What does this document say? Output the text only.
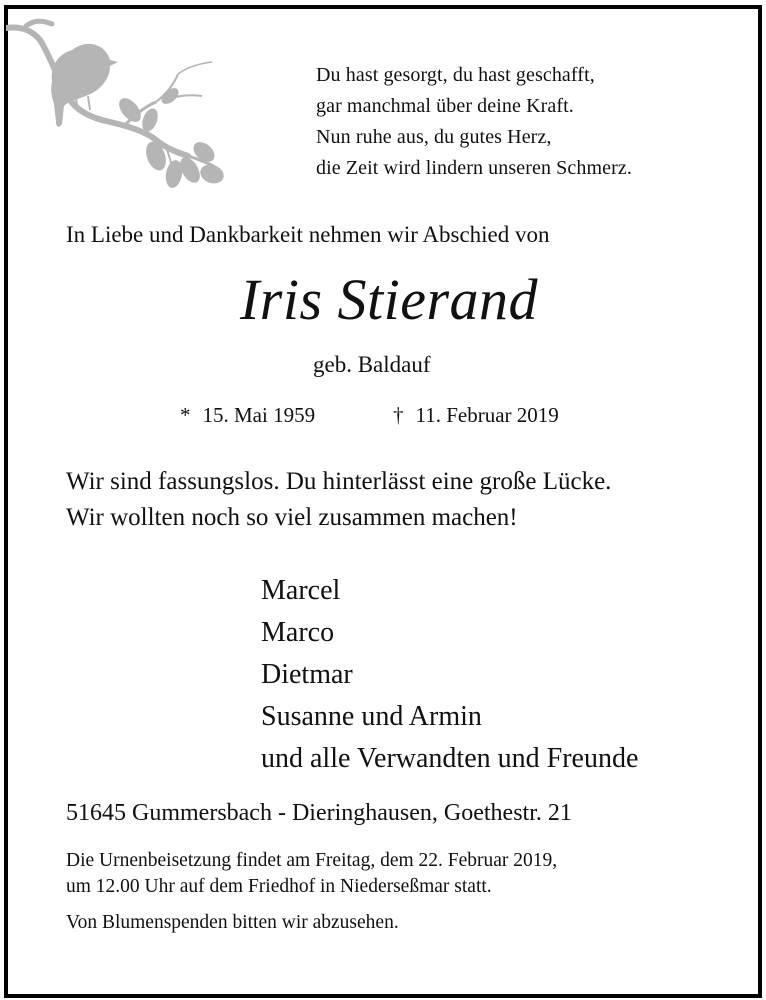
Du hast gesorgt, du hast geschafft,
gar manchmal über deine Kraft.
Nun ruhe aus, du gutes Herz,
die Zeit wird lindern unseren Schmerz.
In Liebe und Dankbarkeit nehmen wir Abschied von
Iris Stierand
geb. Baldauf
* 15. Mai 1959	† 11. Februar 2019
Wir sind fassungslos. Du hinterlässt eine große Lücke.
Wir wollten noch so viel zusammen machen!
Marcel
Marco
Dietmar
Susanne und Armin
und alle Verwandten und Freunde
51645 Gummersbach - Dieringhausen, Goethestr. 21
Die Urnenbeisetzung findet am Freitag, dem 22. Februar 2019,
um 12.00 Uhr auf dem Friedhof in Niederseßmar statt.
Von Blumenspenden bitten wir abzusehen.
